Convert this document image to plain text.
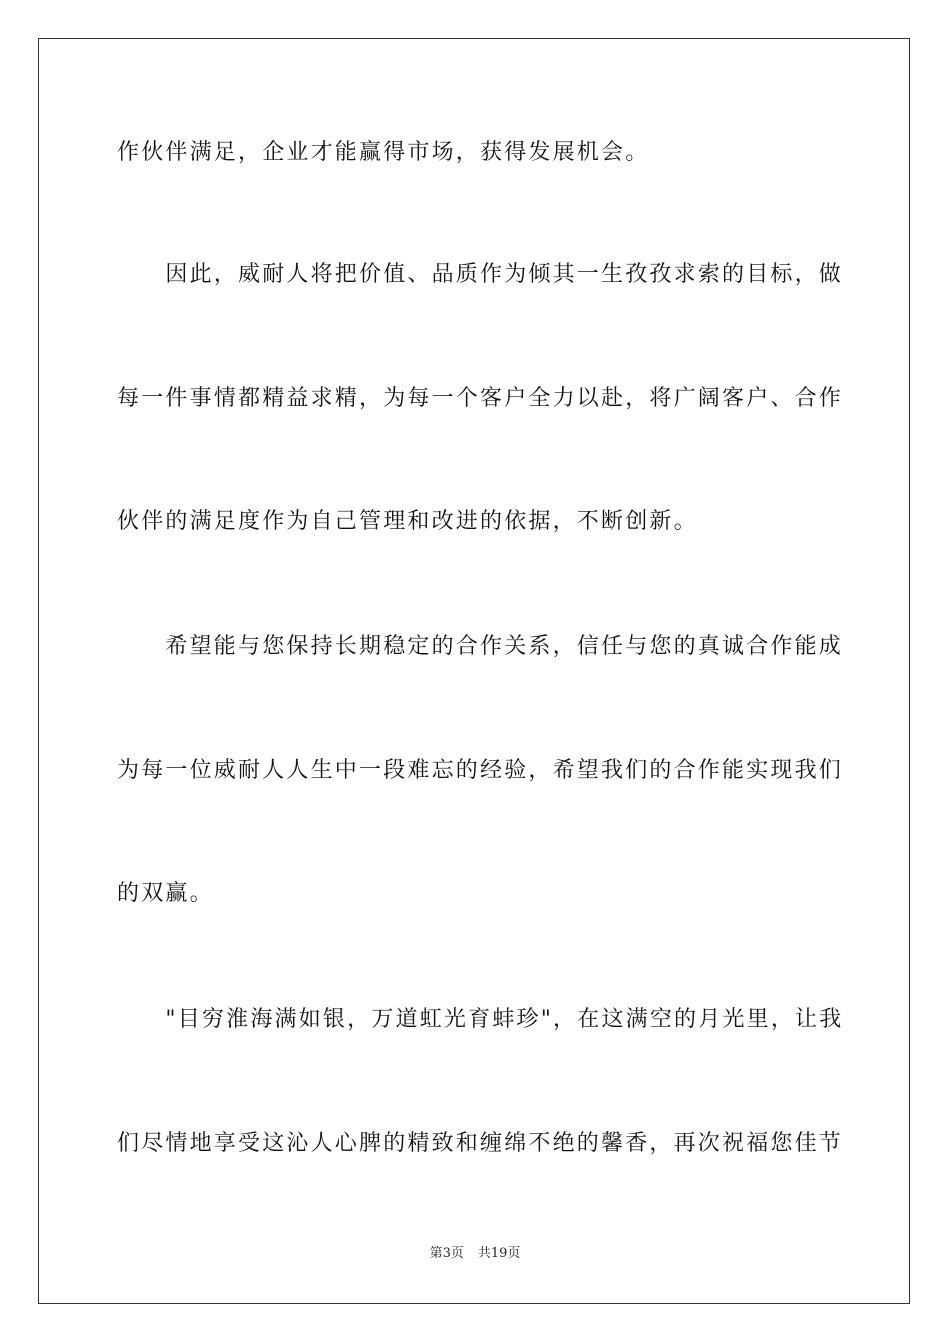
作伙伴满足，企业才能赢得市场，获得发展机会。
　　因此，威耐人将把价值、品质作为倾其一生孜孜求索的目标，做
每一件事情都精益求精，为每一个客户全力以赴，将广阔客户、合作
伙伴的满足度作为自己管理和改进的依据，不断创新。
　　希望能与您保持长期稳定的合作关系，信任与您的真诚合作能成
为每一位威耐人人生中一段难忘的经验，希望我们的合作能实现我们
的双赢。
　　"目穷淮海满如银，万道虹光育蚌珍"，在这满空的月光里，让我
们尽情地享受这沁人心脾的精致和缠绵不绝的馨香，再次祝福您佳节
第3页 共19页
